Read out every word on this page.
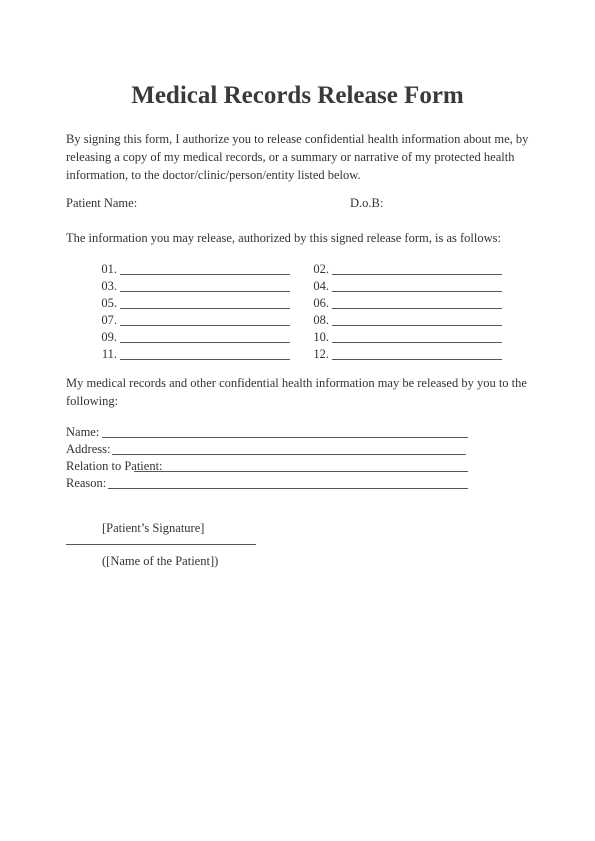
Medical Records Release Form

By signing this form, I authorize you to release confidential health information about me, by releasing a copy of my medical records, or a summary or narrative of my protected health information, to the doctor/clinic/person/entity listed below.

Patient Name:	D.o.B:

The information you may release, authorized by this signed release form, is as follows:

01.	02.
03.	04.
05.	06.
07.	08.
09.	10.
11.	12.

My medical records and other confidential health information may be released by you to the following:

Name:
Address:
Relation to Patient:
Reason:

[Patient’s Signature]

([Name of the Patient])
